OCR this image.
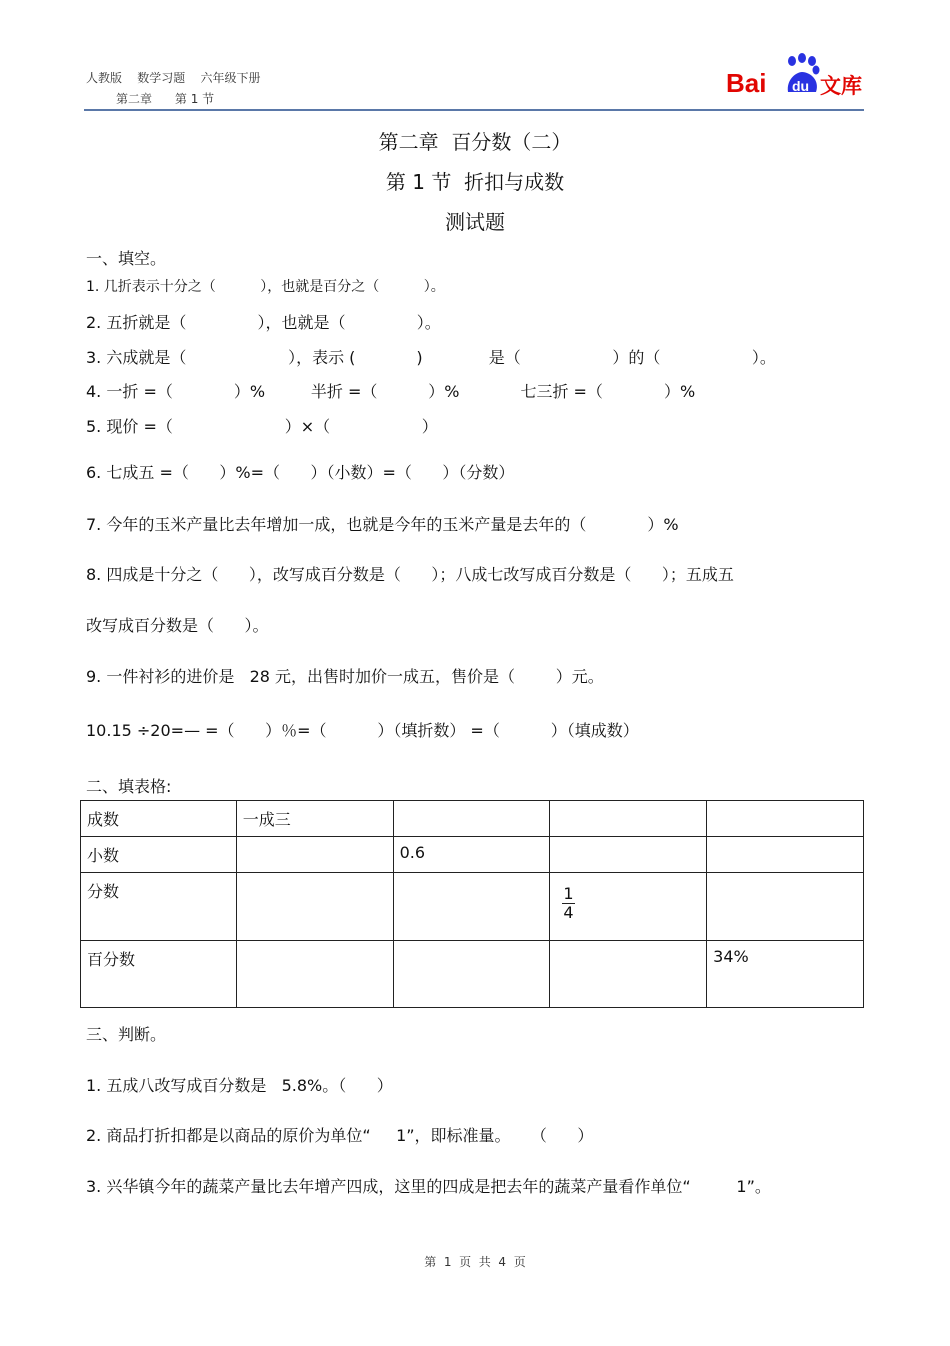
人教版    数学习题    六年级下册
第二章      第 1 节
Bai du 文库
第二章  百分数（二）
第 1 节  折扣与成数
测试题
一、填空。
1. 几折表示十分之（          ），也就是百分之（          ）。
2. 五折就是（              ），也就是（              ）。
3. 六成就是（                    ），表示 (            )             是（                  ）的（                  ）。
4. 一折 =（            ）%         半折 =（          ）%            七三折 =（            ）%
5. 现价 =（                      ）×（                  ）
6. 七成五 =（      ）%=（      ）（小数）=（      ）（分数）
7. 今年的玉米产量比去年增加一成，也就是今年的玉米产量是去年的（            ）%
8. 四成是十分之（      ），改写成百分数是（      ）；八成七改写成百分数是（      ）；五成五
改写成百分数是（      ）。
9. 一件衬衫的进价是   28 元，出售时加价一成五，售价是（        ）元。
10.15 ÷20=— =（      ）％=（          ）（填折数） =（          ）（填成数）
二、填表格:
成数	一成三			
小数		0.6		
分数			$\frac{1}{4}$

百分数				34%
三、判断。
1. 五成八改写成百分数是   5.8%。（      ）
2. 商品打折扣都是以商品的原价为单位“     1”，即标准量。    （      ）
3. 兴华镇今年的蔬菜产量比去年增产四成，这里的四成是把去年的蔬菜产量看作单位“         1”。
第  1  页  共  4  页
